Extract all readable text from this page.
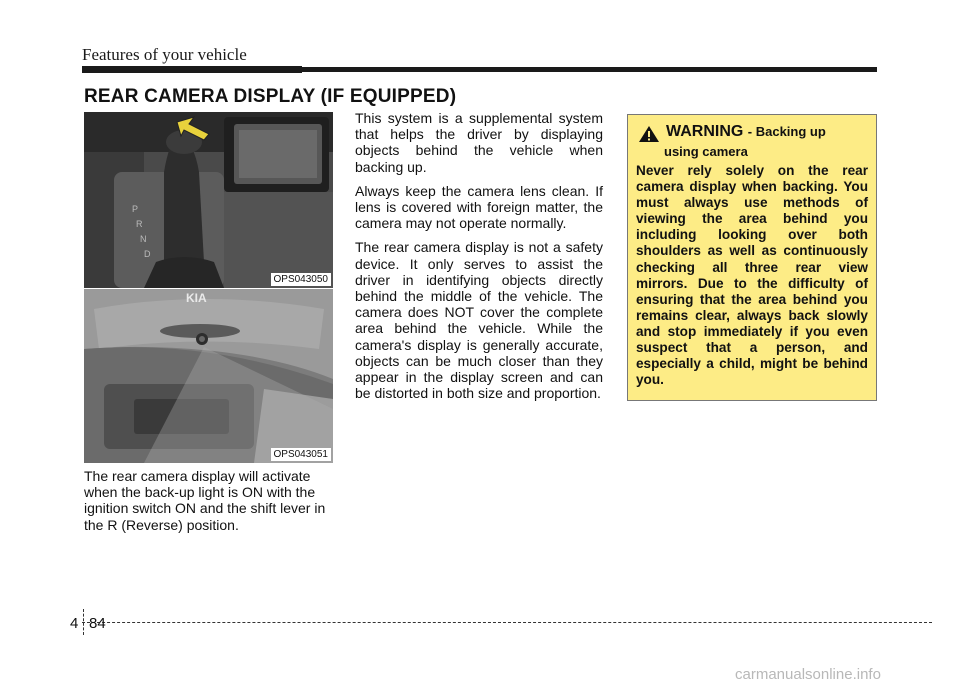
Features of your vehicle
REAR CAMERA DISPLAY (IF EQUIPPED)
P
R
N
D
OPS043050
KIA
OPS043051

The rear camera display will activate when the back-up light is ON with the ignition switch ON and the shift lever in the R (Reverse) position.

This system is a supplemental system that helps the driver by displaying objects behind the vehicle when backing up.

Always keep the camera lens clean. If lens is covered with foreign matter, the camera may not operate normally.

The rear camera display is not a safety device. It only serves to assist the driver in identifying objects directly behind the middle of the vehicle. The camera does NOT cover the complete area behind the vehicle. While the camera's display is generally accurate, objects can be much closer than they appear in the display screen and can be distorted in both size and proportion.

WARNING - Backing up
using camera
Never rely solely on the rear camera display when backing. You must always use methods of viewing the area behind you including looking over both shoulders as well as continuously checking all three rear view mirrors. Due to the difficulty of ensuring that the area behind you remains clear, always back slowly and stop immediately if you even suspect that a person, and especially a child, might be behind you.
4 84
carmanualsonline.info
